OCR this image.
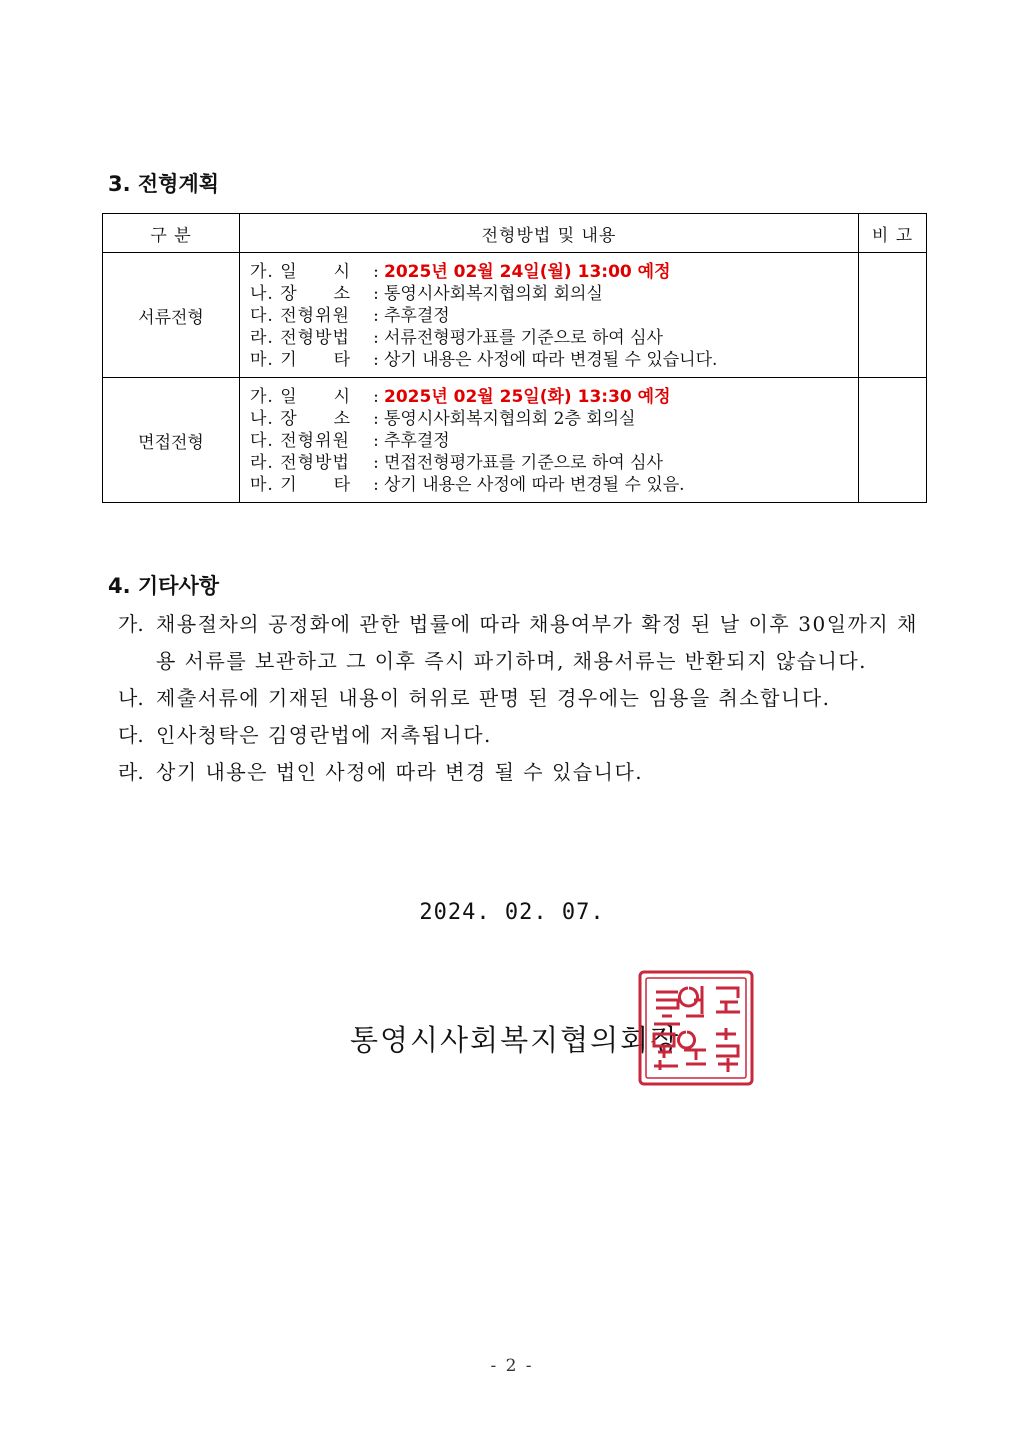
3. 전형계획
구 분	전형방법 및 내용	비 고
서류전형	가. 일　　시 : 2025년 02월 24일(월) 13:00 예정
나. 장　　소 : 통영시사회복지협의회 회의실
다. 전형위원 : 추후결정
라. 전형방법 : 서류전형평가표를 기준으로 하여 심사
마. 기　　타 : 상기 내용은 사정에 따라 변경될 수 있습니다.	

면접전형	가. 일　　시 : 2025년 02월 25일(화) 13:30 예정
나. 장　　소 : 통영시사회복지협의회 2층 회의실
다. 전형위원 : 추후결정
라. 전형방법 : 면접전형평가표를 기준으로 하여 심사
마. 기　　타 : 상기 내용은 사정에 따라 변경될 수 있음.	

4. 기타사항
가. 채용절차의 공정화에 관한 법률에 따라 채용여부가 확정 된 날 이후 30일까지 채용 서류를 보관하고 그 이후 즉시 파기하며, 채용서류는 반환되지 않습니다.
나. 제출서류에 기재된 내용이 허위로 판명 된 경우에는 임용을 취소합니다.
다. 인사청탁은 김영란법에 저촉됩니다.
라. 상기 내용은 법인 사정에 따라 변경 될 수 있습니다.
2024. 02. 07.
통영시사회복지협의회장
- 2 -
